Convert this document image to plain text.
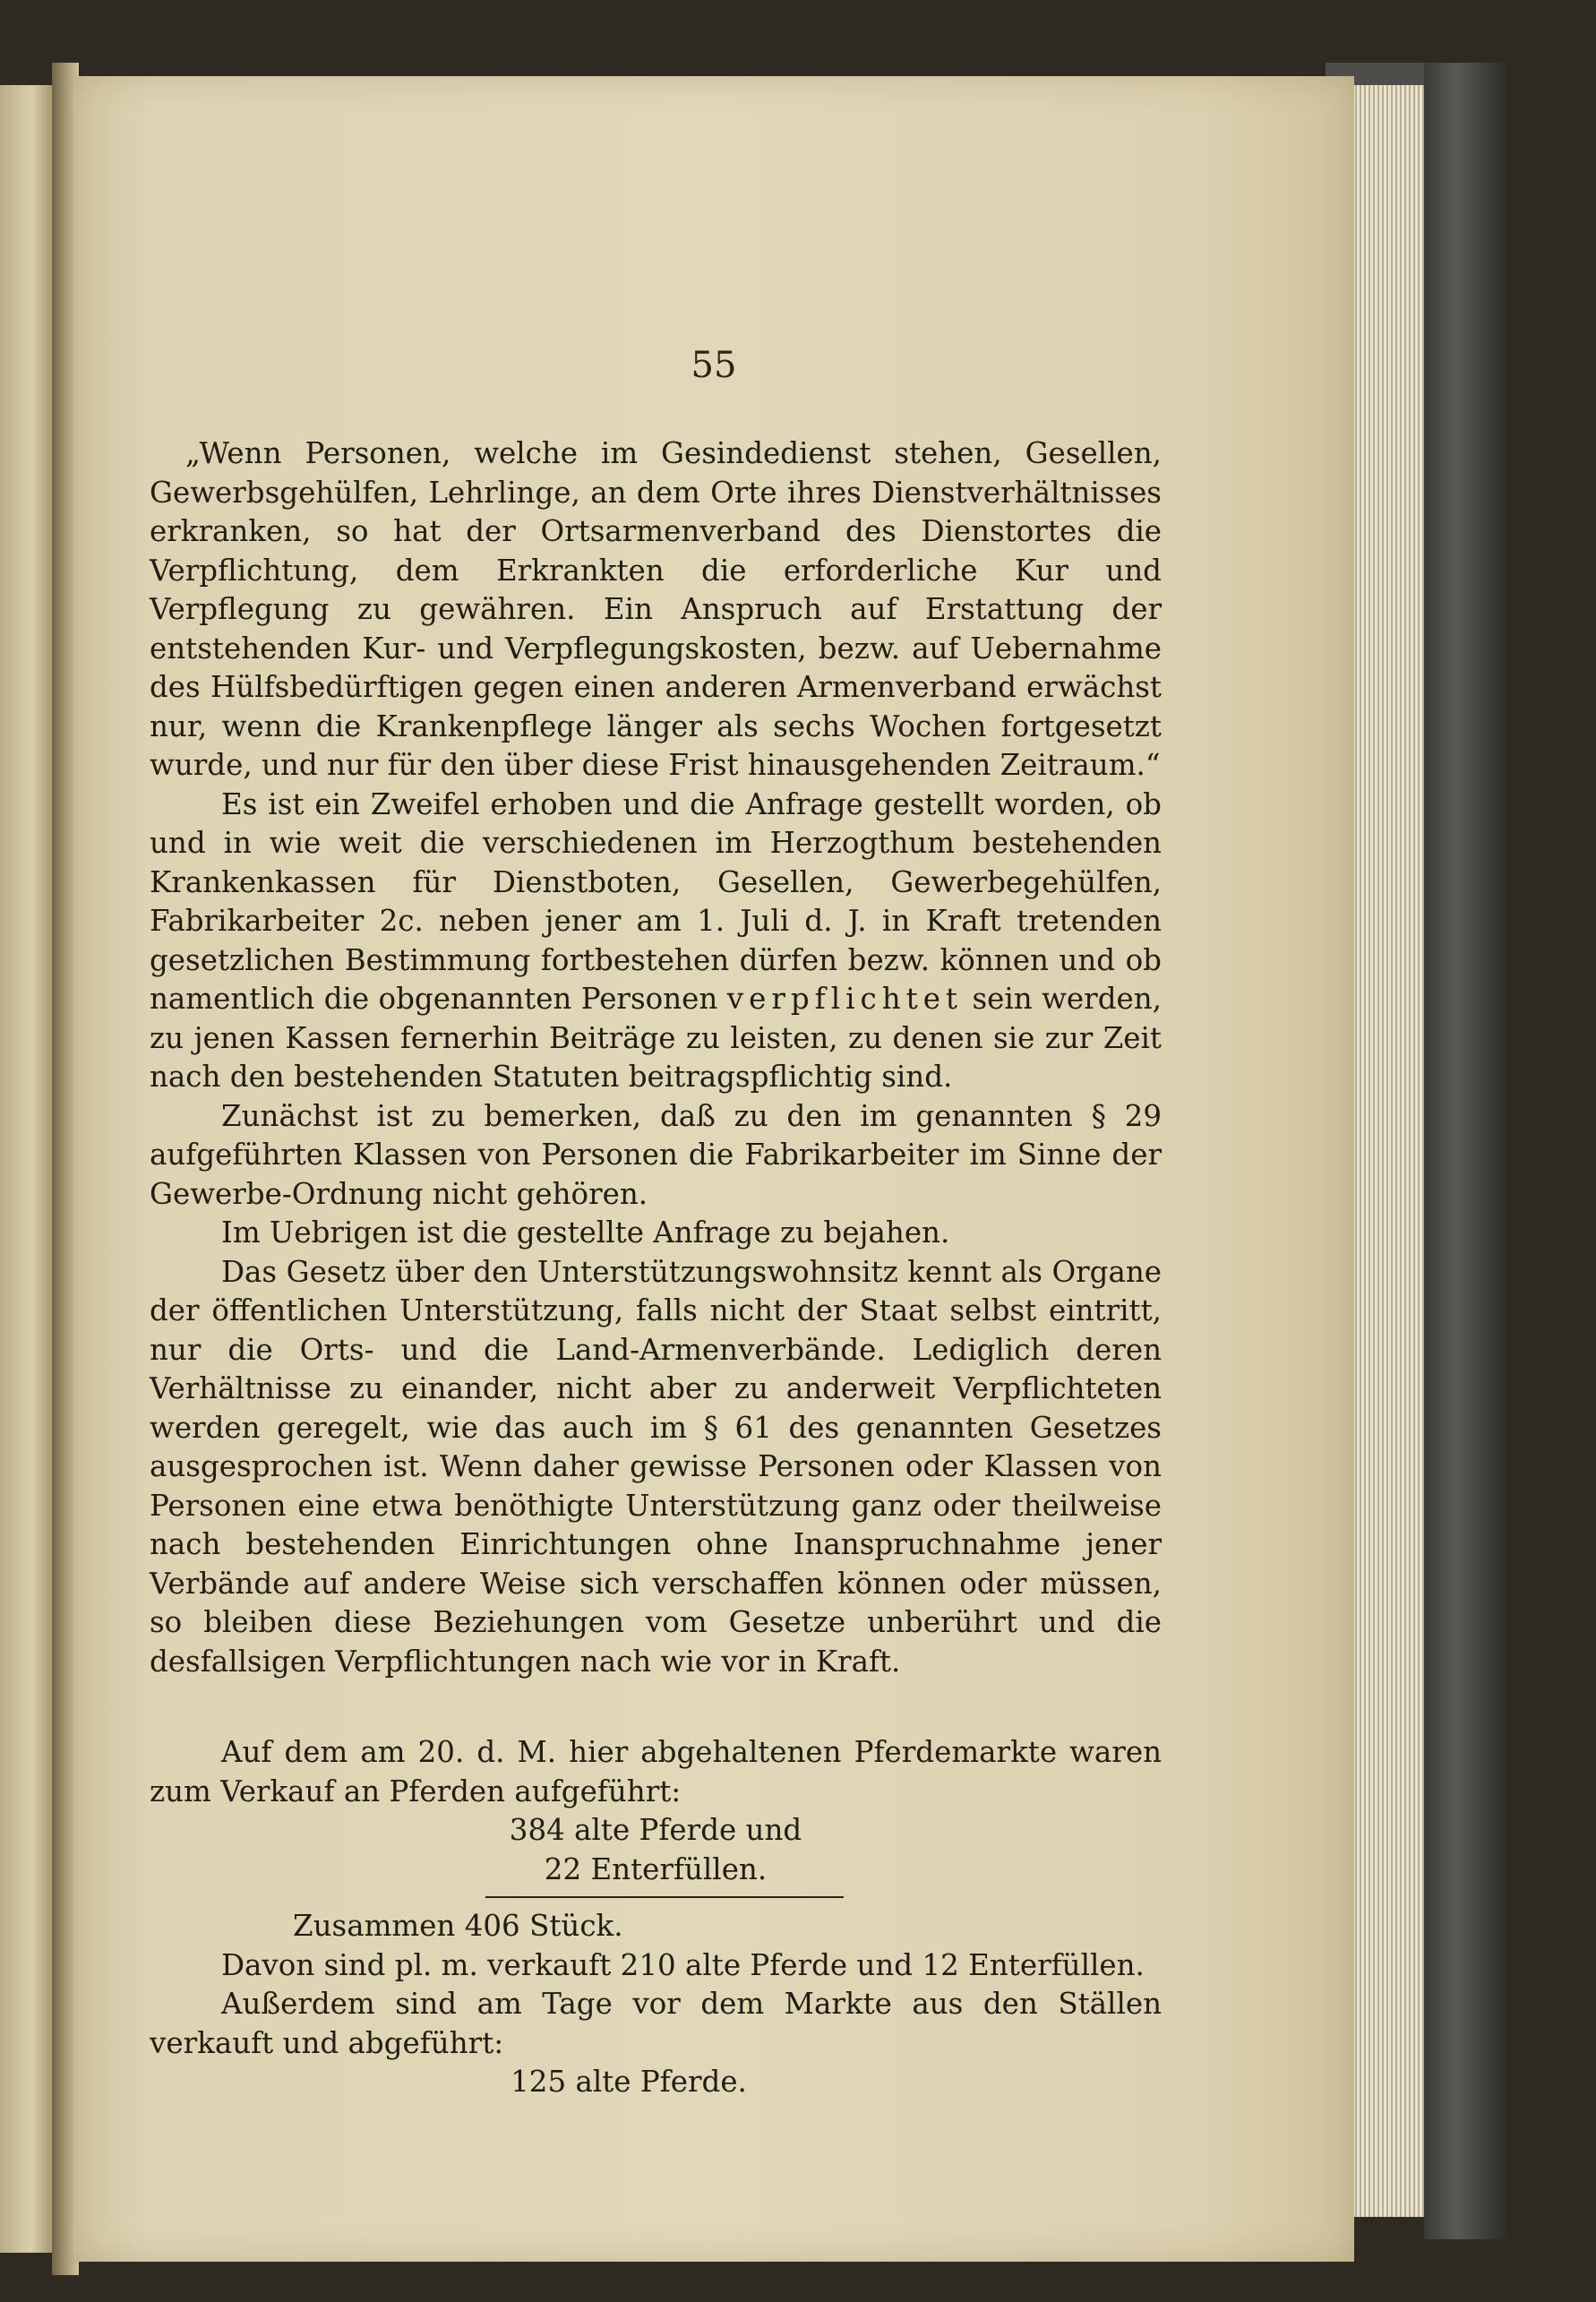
55

„Wenn Personen, welche im Gesindedienst stehen, Gesellen, Gewerbsgehülfen, Lehrlinge, an dem Orte ihres Dienstverhältnisses erkranken, so hat der Ortsarmenverband des Dienstortes die Verpflichtung, dem Erkrankten die erforderliche Kur und Verpflegung zu gewähren. Ein Anspruch auf Erstattung der entstehenden Kur- und Verpflegungskosten, bezw. auf Uebernahme des Hülfsbedürftigen gegen einen anderen Armenverband erwächst nur, wenn die Krankenpflege länger als sechs Wochen fortgesetzt wurde, und nur für den über diese Frist hinausgehenden Zeitraum.“

Es ist ein Zweifel erhoben und die Anfrage gestellt worden, ob und in wie weit die verschiedenen im Herzogthum bestehenden Krankenkassen für Dienstboten, Gesellen, Gewerbegehülfen, Fabrikarbeiter 2c. neben jener am 1. Juli d. J. in Kraft tretenden gesetzlichen Bestimmung fortbestehen dürfen bezw. können und ob namentlich die obgenannten Personen verpflichtet sein werden, zu jenen Kassen fernerhin Beiträge zu leisten, zu denen sie zur Zeit nach den bestehenden Statuten beitragspflichtig sind.

Zunächst ist zu bemerken, daß zu den im genannten § 29 aufgeführten Klassen von Personen die Fabrikarbeiter im Sinne der Gewerbe-Ordnung nicht gehören.

Im Uebrigen ist die gestellte Anfrage zu bejahen.

Das Gesetz über den Unterstützungswohnsitz kennt als Organe der öffentlichen Unterstützung, falls nicht der Staat selbst eintritt, nur die Orts- und die Land-Armenverbände. Lediglich deren Verhältnisse zu einander, nicht aber zu anderweit Verpflichteten werden geregelt, wie das auch im § 61 des genannten Gesetzes ausgesprochen ist. Wenn daher gewisse Personen oder Klassen von Personen eine etwa benöthigte Unterstützung ganz oder theilweise nach bestehenden Einrichtungen ohne Inanspruchnahme jener Verbände auf andere Weise sich verschaffen können oder müssen, so bleiben diese Beziehungen vom Gesetze unberührt und die desfallsigen Verpflichtungen nach wie vor in Kraft.

Auf dem am 20. d. M. hier abgehaltenen Pferdemarkte waren zum Verkauf an Pferden aufgeführt:

384 alte Pferde und
22 Enterfüllen.

Zusammen 406 Stück.

Davon sind pl. m. verkauft 210 alte Pferde und 12 Enterfüllen.

Außerdem sind am Tage vor dem Markte aus den Ställen verkauft und abgeführt:

125 alte Pferde.
